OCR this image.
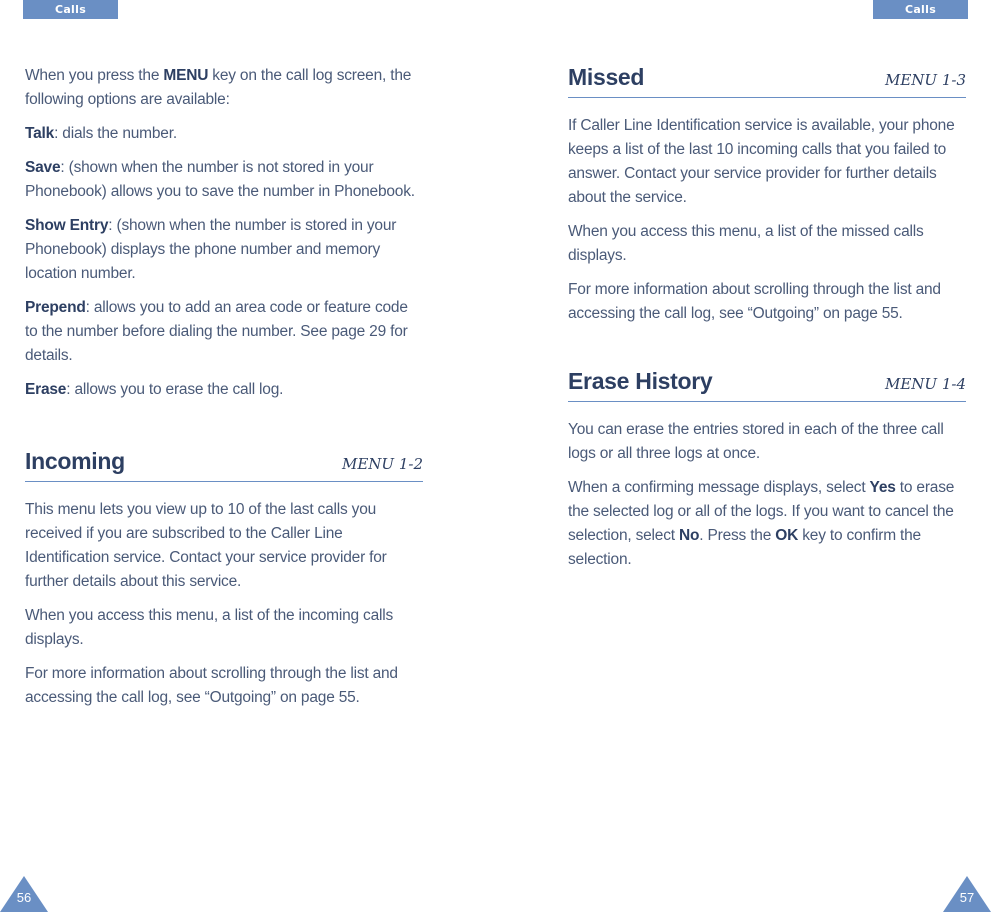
Calls	Calls

When you press the MENU key on the call log screen, the following options are available:

Talk: dials the number.

Save: (shown when the number is not stored in your Phonebook) allows you to save the number in Phonebook.

Show Entry: (shown when the number is stored in your Phonebook) displays the phone number and memory location number.

Prepend: allows you to add an area code or feature code to the number before dialing the number. See page 29 for details.

Erase: allows you to erase the call log.

Incoming	MENU 1-2

This menu lets you view up to 10 of the last calls you received if you are subscribed to the Caller Line Identification service. Contact your service provider for further details about this service.

When you access this menu, a list of the incoming calls displays.

For more information about scrolling through the list and accessing the call log, see “Outgoing” on page 55.

Missed	MENU 1-3

If Caller Line Identification service is available, your phone keeps a list of the last 10 incoming calls that you failed to answer. Contact your service provider for further details about the service.

When you access this menu, a list of the missed calls displays.

For more information about scrolling through the list and accessing the call log, see “Outgoing” on page 55.

Erase History	MENU 1-4

You can erase the entries stored in each of the three call logs or all three logs at once.

When a confirming message displays, select Yes to erase the selected log or all of the logs. If you want to cancel the selection, select No. Press the OK key to confirm the selection.

56	57
